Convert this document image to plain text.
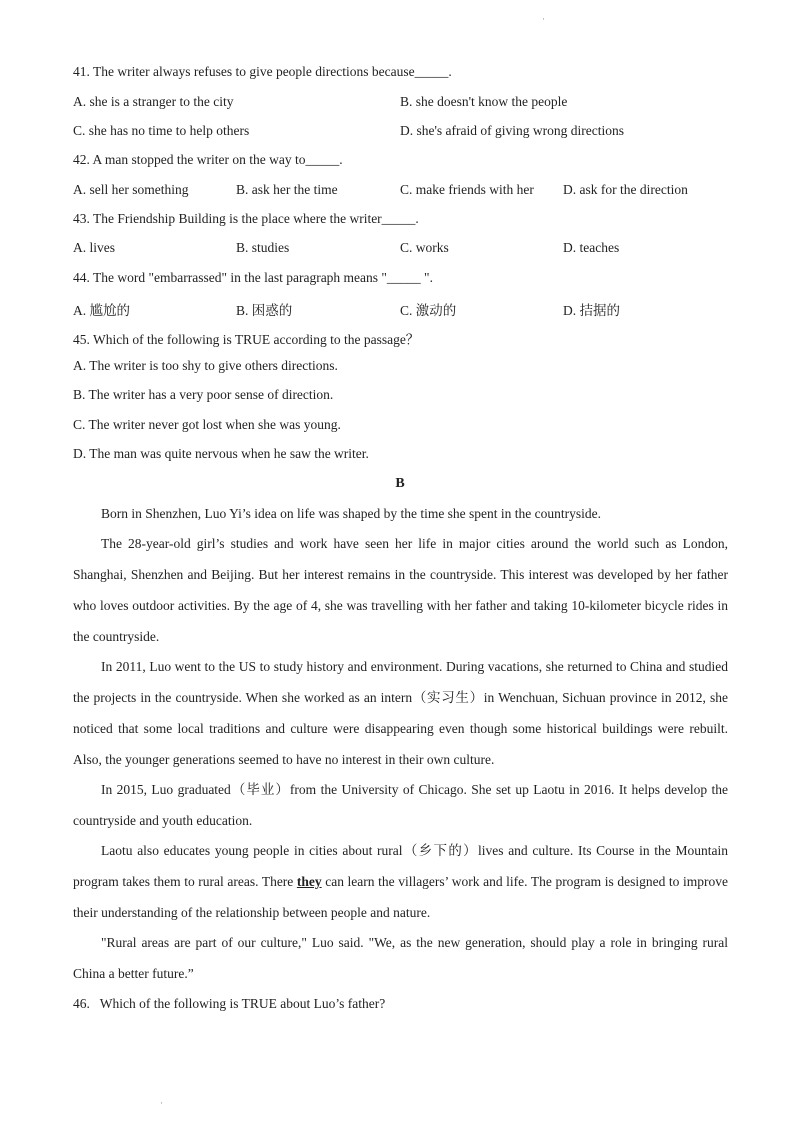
·
·
41. The writer always refuses to give people directions because_____.
A. she is a stranger to the city	B. she doesn't know the people
C. she has no time to help others	D. she's afraid of giving wrong directions
42. A man stopped the writer on the way to_____.
A. sell her something	B. ask her the time	C. make friends with her D. ask for the direction
43. The Friendship Building is the place where the writer_____.
A. lives	B. studies	C. works	D. teaches
44. The word "embarrassed" in the last paragraph means "_____ ".
A. 尴尬的	B. 困惑的	C. 激动的	D. 拮据的
45. Which of the following is TRUE according to the passage？
A. The writer is too shy to give others directions.
B. The writer has a very poor sense of direction.
C. The writer never got lost when she was young.
D. The man was quite nervous when he saw the writer.
B
Born in Shenzhen, Luo Yi’s idea on life was shaped by the time she spent in the countryside.
The 28-year-old girl’s studies and work have seen her life in major cities around the world such as London, Shanghai, Shenzhen and Beijing. But her interest remains in the countryside. This interest was developed by her father who loves outdoor activities. By the age of 4, she was travelling with her father and taking 10-kilometer bicycle rides in the countryside.
In 2011, Luo went to the US to study history and environment. During vacations, she returned to China and studied the projects in the countryside. When she worked as an intern（实习生）in Wenchuan, Sichuan province in 2012, she noticed that some local traditions and culture were disappearing even though some historical buildings were rebuilt. Also, the younger generations seemed to have no interest in their own culture.
In 2015, Luo graduated（毕业）from the University of Chicago. She set up Laotu in 2016. It helps develop the countryside and youth education.
Laotu also educates young people in cities about rural（乡下的）lives and culture. Its Course in the Mountain program takes them to rural areas. There they can learn the villagers’ work and life. The program is designed to improve their understanding of the relationship between people and nature.
"Rural areas are part of our culture," Luo said. "We, as the new generation, should play a role in bringing rural China a better future.”
46.   Which of the following is TRUE about Luo’s father?
